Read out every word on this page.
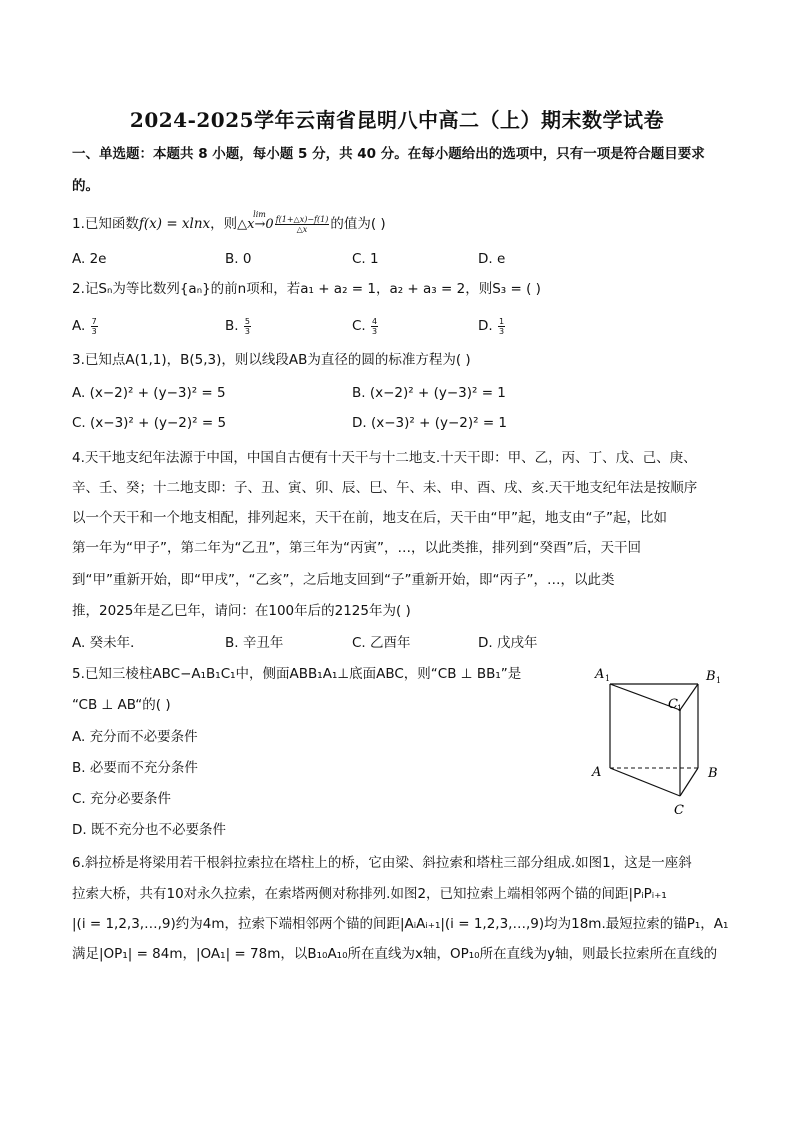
2024-2025学年云南省昆明八中高二（上）期末数学试卷
一、单选题：本题共 8 小题，每小题 5 分，共 40 分。在每小题给出的选项中，只有一项是符合题目要求
的。
1.已知函数f(x) = xlnx，则
lim
△x→0 $\frac{f(1+\triangle x)-f(1)}{\triangle x}$ 的值为( )
A. 2e	B. 0	C. 1	D. e
2.记Sₙ为等比数列{aₙ}的前n项和，若a₁ + a₂ = 1，a₂ + a₃ = 2，则S₃ = ( )
A. $\frac{7}{3}$	B. $\frac{5}{3}$	C. $\frac{4}{3}$	D. $\frac{1}{3}$
3.已知点A(1,1)，B(5,3)，则以线段AB为直径的圆的标准方程为( )
A. (x−2)² + (y−3)² = 5	B. (x−2)² + (y−3)² = 1
C. (x−3)² + (y−2)² = 5	D. (x−3)² + (y−2)² = 1
4.天干地支纪年法源于中国，中国自古便有十天干与十二地支.十天干即：甲、乙，丙、丁、戊、己、庚、
辛、壬、癸；十二地支即：子、丑、寅、卯、辰、巳、午、未、申、酉、戌、亥.天干地支纪年法是按顺序
以一个天干和一个地支相配，排列起来，天干在前，地支在后，天干由“甲”起，地支由“子”起，比如
第一年为“甲子”，第二年为“乙丑”，第三年为“丙寅”，…，以此类推，排列到“癸酉”后，天干回
到“甲”重新开始，即“甲戌”，“乙亥”，之后地支回到“子”重新开始，即“丙子”，…，以此类
推，2025年是乙巳年，请问：在100年后的2125年为( )
A. 癸未年．	B. 辛丑年	C. 乙酉年	D. 戊戌年
5.已知三棱柱ABC−A₁B₁C₁中，侧面ABB₁A₁⊥底面ABC，则“CB ⊥ BB₁”是
“CB ⊥ AB“的( )
A. 充分而不必要条件
B. 必要而不充分条件
C. 充分必要条件
D. 既不充分也不必要条件
A 1	B 1
C 1
A	B
C
6.斜拉桥是将梁用若干根斜拉索拉在塔柱上的桥，它由梁、斜拉索和塔柱三部分组成.如图1，这是一座斜
拉索大桥，共有10对永久拉索，在索塔两侧对称排列.如图2，已知拉索上端相邻两个锚的间距|PᵢPᵢ₊₁
|(i = 1,2,3,…,9)约为4m，拉索下端相邻两个锚的间距|AᵢAᵢ₊₁|(i = 1,2,3,…,9)均为18m.最短拉索的锚P₁，A₁
满足|OP₁| = 84m，|OA₁| = 78m，以B₁₀A₁₀所在直线为x轴，OP₁₀所在直线为y轴，则最长拉索所在直线的
